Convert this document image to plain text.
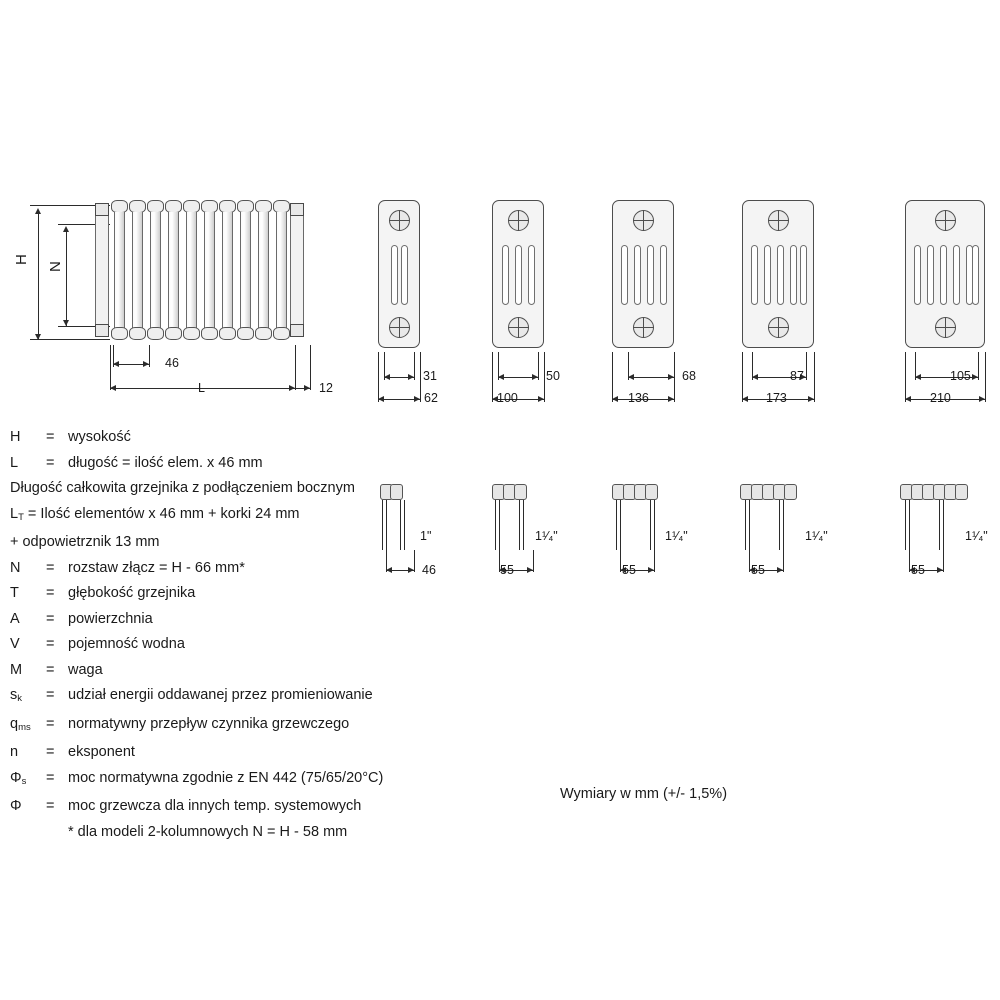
H
N
46
L	12
31
62
50
100
68
136
87
173
105
210
1"
46
1¹⁄₄"
55
1¹⁄₄"
55
1¹⁄₄"
55
1¹⁄₄"
55
H	= wysokość
L	= długość = ilość elem. x 46 mm
Długość całkowita grzejnika z podłączeniem bocznym
$L_T$ = Ilość elementów x 46 mm + korki 24 mm
+ odpowietrznik 13 mm
N	= rozstaw złącz = H - 66 mm*
T	= głębokość grzejnika
A	= powierzchnia
V	= pojemność wodna
M	= waga
$s_k$	= udział energii oddawanej przez promieniowanie
$q_{ms}$	= normatywny przepływ czynnika grzewczego
n	= eksponent
$\Phi_s$	= moc normatywna zgodnie z EN 442 (75/65/20°C)
Φ	= moc grzewcza dla innych temp. systemowych
* dla modeli 2-kolumnowych N = H - 58 mm
Wymiary w mm (+/- 1,5%)
